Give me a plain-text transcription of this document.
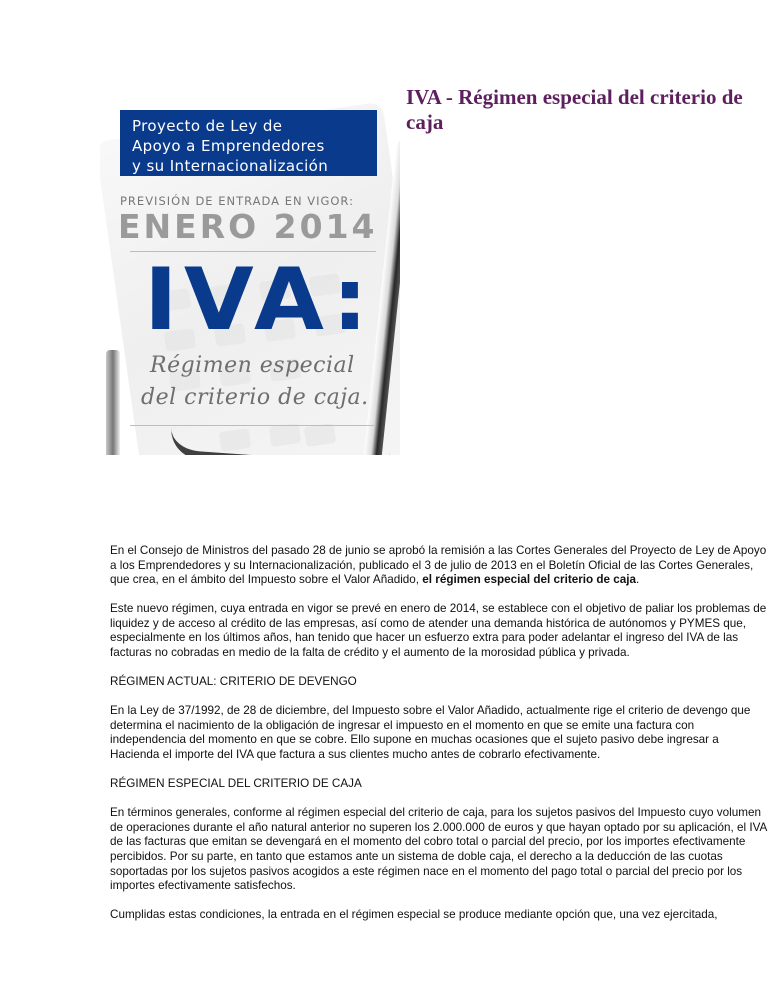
Proyecto de Ley de
Apoyo a Emprendedores
y su Internacionalización
PREVISIÓN DE ENTRADA EN VIGOR:
ENERO 2014
IVA:
Régimen especial
del criterio de caja.
IVA - Régimen especial del criterio de caja

En el Consejo de Ministros del pasado 28 de junio se aprobó la remisión a las Cortes Generales del Proyecto de Ley de Apoyo a los Emprendedores y su Internacionalización, publicado el 3 de julio de 2013 en el Boletín Oficial de las Cortes Generales, que crea, en el ámbito del Impuesto sobre el Valor Añadido, el régimen especial del criterio de caja.

Este nuevo régimen, cuya entrada en vigor se prevé en enero de 2014, se establece con el objetivo de paliar los problemas de liquidez y de acceso al crédito de las empresas, así como de atender una demanda histórica de autónomos y PYMES que, especialmente en los últimos años, han tenido que hacer un esfuerzo extra para poder adelantar el ingreso del IVA de las facturas no cobradas en medio de la falta de crédito y el aumento de la morosidad pública y privada.

RÉGIMEN ACTUAL: CRITERIO DE DEVENGO

En la Ley de 37/1992, de 28 de diciembre, del Impuesto sobre el Valor Añadido, actualmente rige el criterio de devengo que determina el nacimiento de la obligación de ingresar el impuesto en el momento en que se emite una factura con independencia del momento en que se cobre. Ello supone en muchas ocasiones que el sujeto pasivo debe ingresar a Hacienda el importe del IVA que factura a sus clientes mucho antes de cobrarlo efectivamente.

RÉGIMEN ESPECIAL DEL CRITERIO DE CAJA

En términos generales, conforme al régimen especial del criterio de caja, para los sujetos pasivos del Impuesto cuyo volumen de operaciones durante el año natural anterior no superen los 2.000.000 de euros y que hayan optado por su aplicación, el IVA de las facturas que emitan se devengará en el momento del cobro total o parcial del precio, por los importes efectivamente percibidos. Por su parte, en tanto que estamos ante un sistema de doble caja, el derecho a la deducción de las cuotas soportadas por los sujetos pasivos acogidos a este régimen nace en el momento del pago total o parcial del precio por los importes efectivamente satisfechos.

Cumplidas estas condiciones, la entrada en el régimen especial se produce mediante opción que, una vez ejercitada,
